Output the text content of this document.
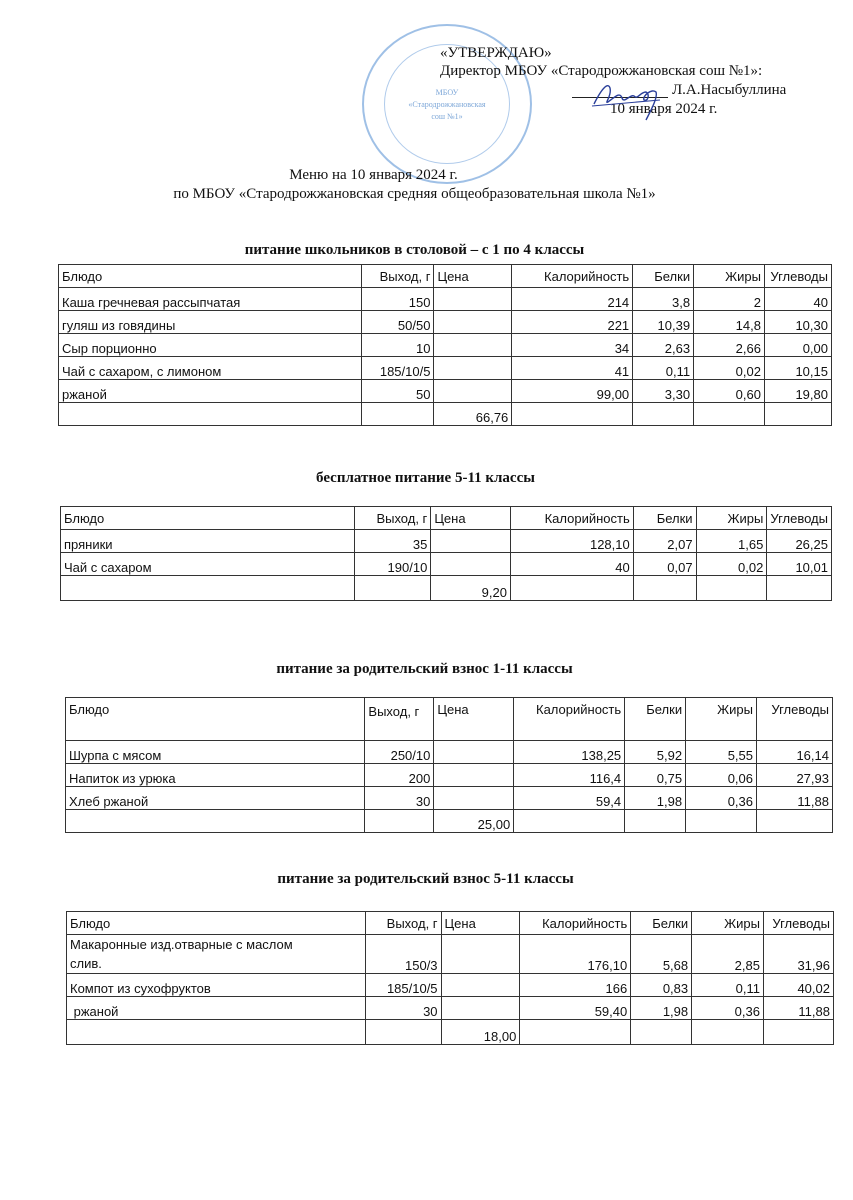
МБОУ
«Стародрожжановская
сош №1»
«УТВЕРЖДАЮ»
Директор МБОУ «Стародрожжановская сош №1»:
Л.А.Насыбуллина
10 января 2024 г.
Меню на 10 января 2024 г.
по МБОУ «Стародрожжановская средняя общеобразовательная школа №1»
питание школьников в столовой – с 1 по 4 классы
Блюдо	Выход, г	Цена	Калорийность	Белки	Жиры	Углеводы
Каша гречневая рассыпчатая	150		214	3,8	2	40
гуляш из говядины	50/50		221	10,39	14,8	10,30
Сыр порционно	10		34	2,63	2,66	0,00
Чай с сахаром, с лимоном	185/10/5		41	0,11	0,02	10,15
ржаной	50		99,00	3,30	0,60	19,80
		66,76				
бесплатное питание 5-11 классы
Блюдо	Выход, г	Цена	Калорийность	Белки	Жиры	Углеводы
пряники	35		128,10	2,07	1,65	26,25
Чай с сахаром	190/10		40	0,07	0,02	10,01
		9,20				
питание за родительский взнос 1-11 классы
Блюдо	Выход, г	Цена	Калорийность	Белки	Жиры	Углеводы
Шурпа с мясом	250/10		138,25	5,92	5,55	16,14
Напиток из урюка	200		116,4	0,75	0,06	27,93
Хлеб ржаной	30		59,4	1,98	0,36	11,88
		25,00				
питание за родительский взнос 5-11 классы
Блюдо	Выход, г	Цена	Калорийность	Белки	Жиры	Углеводы
Макаронные изд.отварные с маслом
слив.	150/3		176,10	5,68	2,85	31,96
Компот из сухофруктов	185/10/5		166	0,83	0,11	40,02
ржаной	30		59,40	1,98	0,36	11,88
		18,00				
